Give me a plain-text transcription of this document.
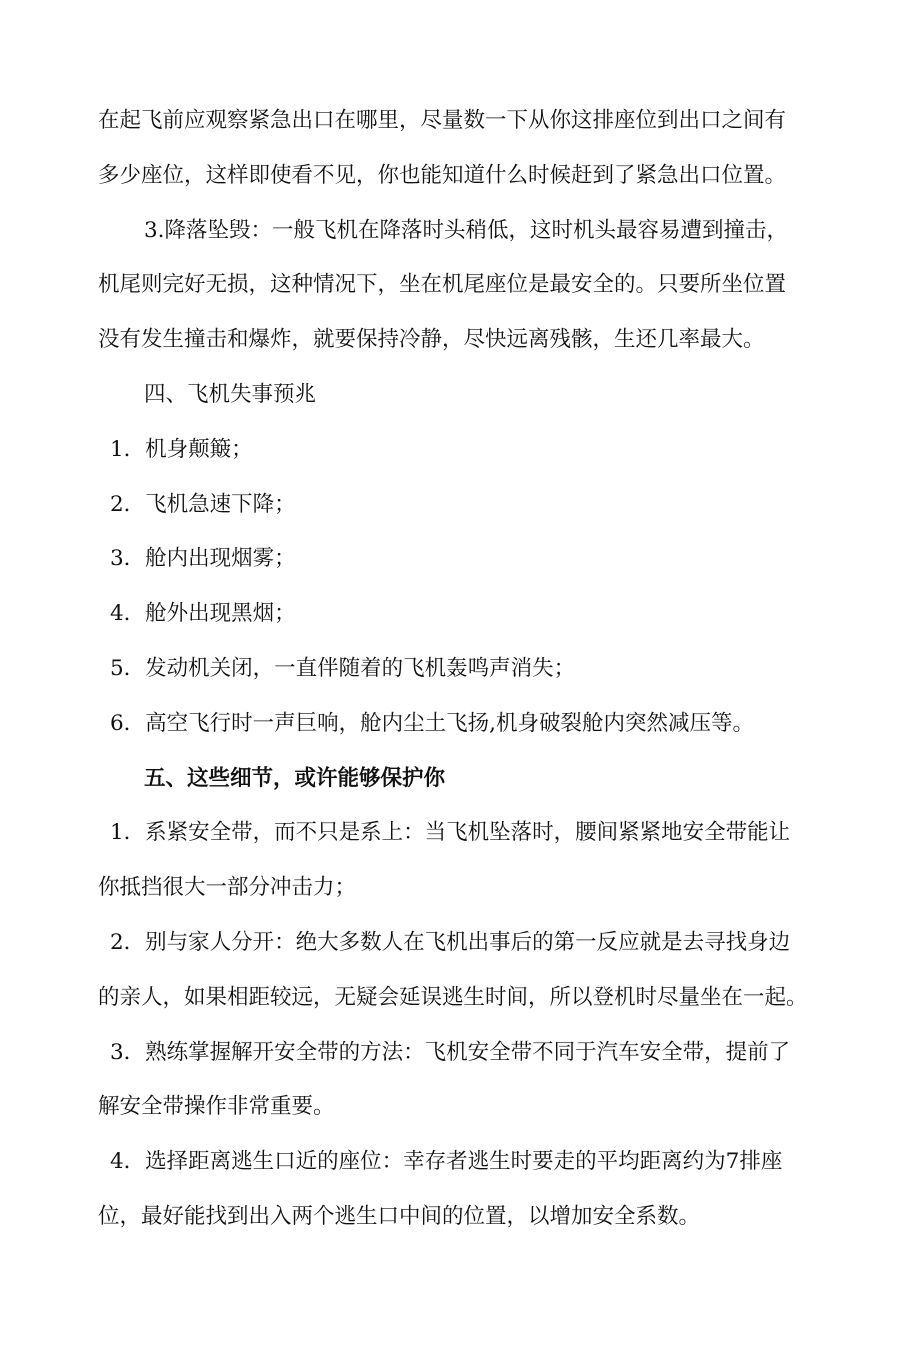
在起飞前应观察紧急出口在哪里，尽量数一下从你这排座位到出口之间有

多少座位，这样即使看不见，你也能知道什么时候赶到了紧急出口位置。

3.降落坠毁：一般飞机在降落时头稍低，这时机头最容易遭到撞击，

机尾则完好无损，这种情况下，坐在机尾座位是最安全的。只要所坐位置

没有发生撞击和爆炸，就要保持冷静，尽快远离残骸，生还几率最大。

四、飞机失事预兆

1．机身颠簸；

2．飞机急速下降；

3．舱内出现烟雾；

4．舱外出现黑烟；

5．发动机关闭，一直伴随着的飞机轰鸣声消失；

6．高空飞行时一声巨响，舱内尘土飞扬,机身破裂舱内突然减压等。

五、这些细节，或许能够保护你

1．系紧安全带，而不只是系上：当飞机坠落时，腰间紧紧地安全带能让

你抵挡很大一部分冲击力；

2．别与家人分开：绝大多数人在飞机出事后的第一反应就是去寻找身边

的亲人，如果相距较远，无疑会延误逃生时间，所以登机时尽量坐在一起。

3．熟练掌握解开安全带的方法：飞机安全带不同于汽车安全带，提前了

解安全带操作非常重要。

4．选择距离逃生口近的座位：幸存者逃生时要走的平均距离约为7排座

位，最好能找到出入两个逃生口中间的位置，以增加安全系数。
